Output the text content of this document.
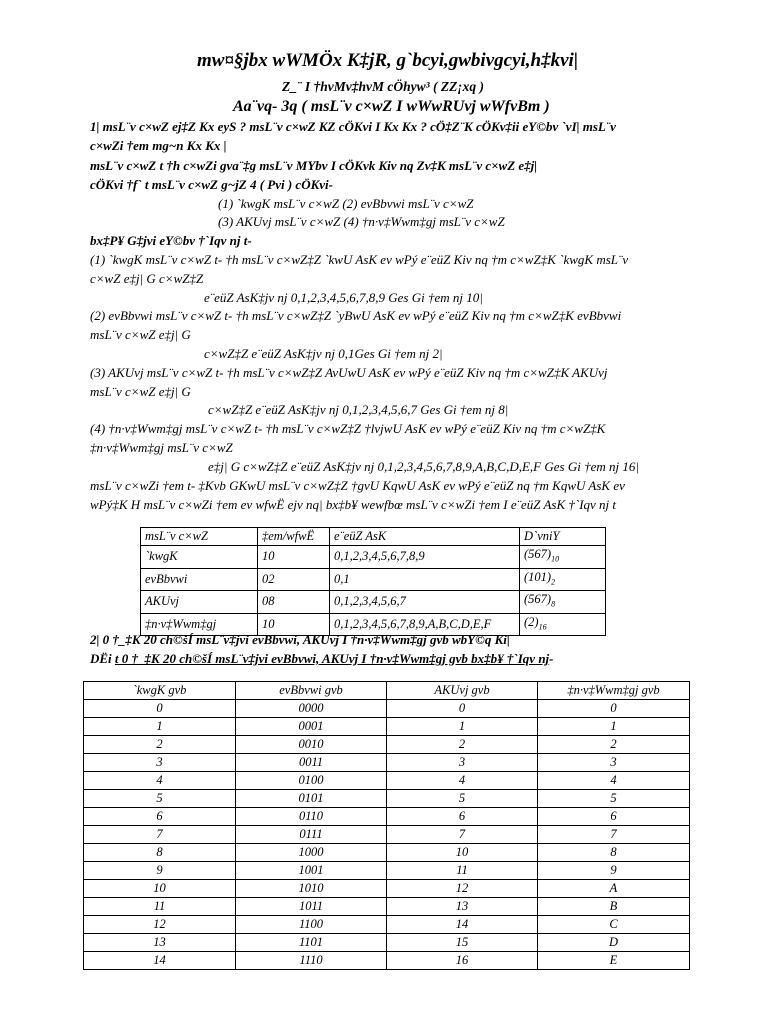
mw¤§jbx wWMÖx K‡jR, g`bcyi,gwbivgcyi,h‡kvi|
Z_¨ I †hvMv‡hvM cÖhyw³ ( ZZ¡xq )
Aa¨vq- 3q ( msL¨v c×wZ I wWwRUvj wWfvBm )
1| msL¨v c×wZ ej‡Z Kx eyS ? msL¨v c×wZ KZ cÖKvi I Kx Kx ? cÖ‡Z¨K cÖKv‡ii eY©bv `vI| msL¨v
c×wZi †em mg~n Kx Kx |
msL¨v c×wZ t †h c×wZi gva¨‡g msL¨v MYbv I cÖKvk Kiv nq Zv‡K msL¨v c×wZ e‡j|
cÖKvi †f` t msL¨v c×wZ g~jZ 4 ( Pvi ) cÖKvi-
(1) `kwgK msL¨v c×wZ (2) evBbvwi msL¨v c×wZ
(3) AKUvj msL¨v c×wZ (4) †n·v‡Wwm‡gj msL¨v c×wZ
bx‡P¥ G‡jvi eY©bv †`Iqv nj t-
(1) `kwgK msL¨v c×wZ t- †h msL¨v c×wZ‡Z `kwU AsK ev wPý e¨eüZ Kiv nq †m c×wZ‡K `kwgK msL¨v
c×wZ e‡j| G c×wZ‡Z
e¨eüZ AsK‡jv nj 0,1,2,3,4,5,6,7,8,9 Ges Gi †em nj 10|
(2) evBbvwi msL¨v c×wZ t- †h msL¨v c×wZ‡Z `yBwU AsK ev wPý e¨eüZ Kiv nq †m c×wZ‡K evBbvwi
msL¨v c×wZ e‡j| G
c×wZ‡Z e¨eüZ AsK‡jv nj 0,1Ges Gi †em nj 2|
(3) AKUvj msL¨v c×wZ t- †h msL¨v c×wZ‡Z AvUwU AsK ev wPý e¨eüZ Kiv nq †m c×wZ‡K AKUvj
msL¨v c×wZ e‡j| G
c×wZ‡Z e¨eüZ AsK‡jv nj 0,1,2,3,4,5,6,7 Ges Gi †em nj 8|
(4) †n·v‡Wwm‡gj msL¨v c×wZ t- †h msL¨v c×wZ‡Z †lvjwU AsK ev wPý e¨eüZ Kiv nq †m c×wZ‡K
‡n·v‡Wwm‡gj msL¨v c×wZ
e‡j| G c×wZ‡Z e¨eüZ AsK‡jv nj 0,1,2,3,4,5,6,7,8,9,A,B,C,D,E,F Ges Gi †em nj 16|
msL¨v c×wZi †em t- ‡Kvb GKwU msL¨v c×wZ‡Z †gvU KqwU AsK ev wPý e¨eüZ nq †m KqwU AsK ev
wPý‡K H msL¨v c×wZi †em ev wfwË ejv nq| bx‡b¥ wewfbœ msL¨v c×wZi †em I e¨eüZ AsK †`Iqv nj t
msL¨v c×wZ	‡em/wfwË	e¨eüZ AsK	D`vniY
`kwgK	10	0,1,2,3,4,5,6,7,8,9	$(567)_{10}$
evBbvwi	02	0,1	$(101)_2$
AKUvj	08	0,1,2,3,4,5,6,7	$(567)_8$
‡n·v‡Wwm‡gj	10	0,1,2,3,4,5,6,7,8,9,A,B,C,D,E,F	$(2)_{16}$
2| 0 †_‡K 20 ch©šÍ msL¨v‡jvi evBbvwi, AKUvj I †n·v‡Wwm‡gj gvb wbY©q Ki|
DËi t 0 †_‡K 20 ch©šÍ msL¨v‡jvi evBbvwi, AKUvj I †n·v‡Wwm‡gj gvb bx‡b¥ †`Iqv nj-
`kwgK gvb	evBbvwi gvb	AKUvj gvb	‡n·v‡Wwm‡gj gvb
0	0000	0	0
1	0001	1	1
2	0010	2	2
3	0011	3	3
4	0100	4	4
5	0101	5	5
6	0110	6	6
7	0111	7	7
8	1000	10	8
9	1001	11	9
10	1010	12	A
11	1011	13	B
12	1100	14	C
13	1101	15	D
14	1110	16	E
